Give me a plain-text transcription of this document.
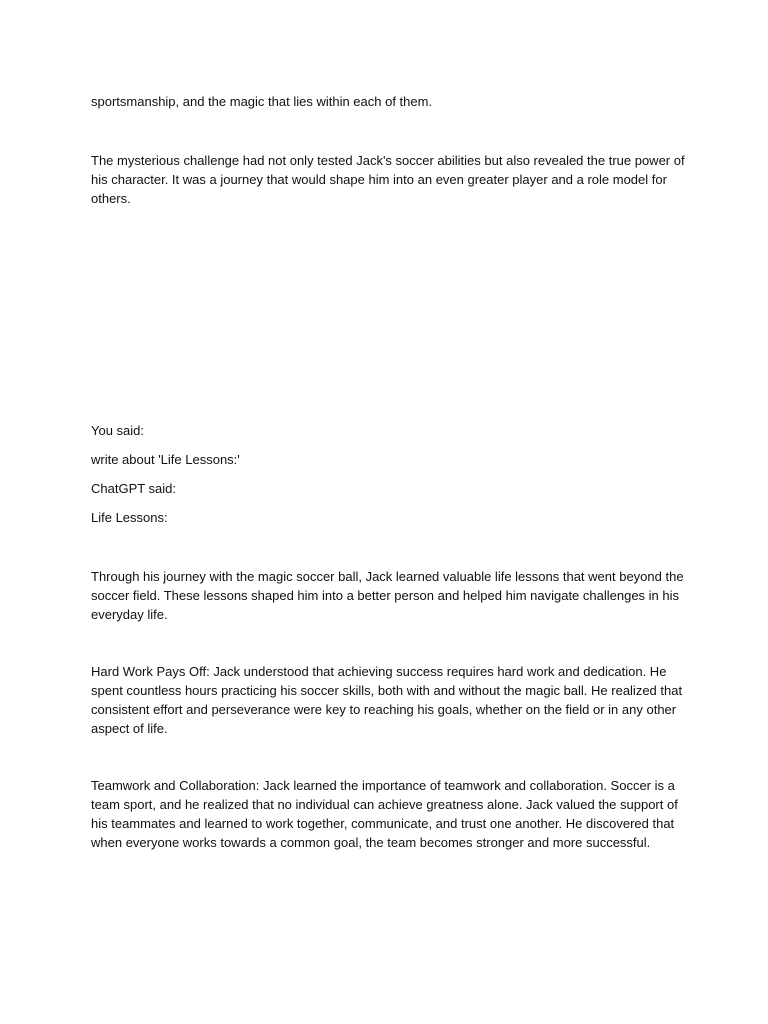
sportsmanship, and the magic that lies within each of them.

The mysterious challenge had not only tested Jack's soccer abilities but also revealed the true power of his character. It was a journey that would shape him into an even greater player and a role model for others.

You said:

write about 'Life Lessons:'

ChatGPT said:

Life Lessons:

Through his journey with the magic soccer ball, Jack learned valuable life lessons that went beyond the soccer field. These lessons shaped him into a better person and helped him navigate challenges in his everyday life.

Hard Work Pays Off: Jack understood that achieving success requires hard work and dedication. He spent countless hours practicing his soccer skills, both with and without the magic ball. He realized that consistent effort and perseverance were key to reaching his goals, whether on the field or in any other aspect of life.

Teamwork and Collaboration: Jack learned the importance of teamwork and collaboration. Soccer is a team sport, and he realized that no individual can achieve greatness alone. Jack valued the support of his teammates and learned to work together, communicate, and trust one another. He discovered that when everyone works towards a common goal, the team becomes stronger and more successful.
